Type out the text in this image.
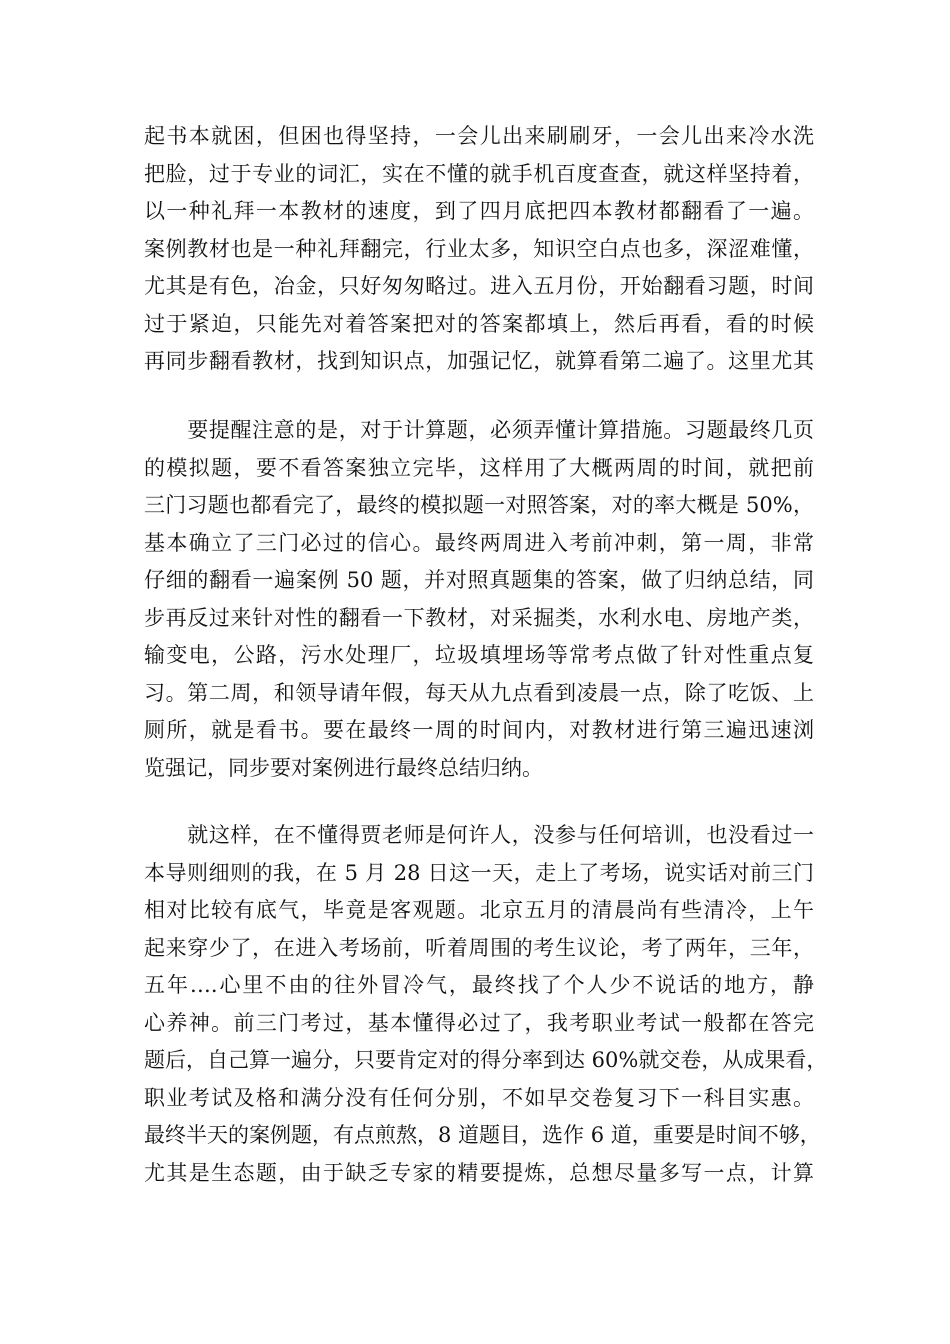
起书本就困，但困也得坚持，一会儿出来刷刷牙，一会儿出来冷水洗
把脸，过于专业的词汇，实在不懂的就手机百度查查，就这样坚持着，
以一种礼拜一本教材的速度，到了四月底把四本教材都翻看了一遍。
案例教材也是一种礼拜翻完，行业太多，知识空白点也多，深涩难懂，
尤其是有色，冶金，只好匆匆略过。进入五月份，开始翻看习题，时间
过于紧迫，只能先对着答案把对的答案都填上，然后再看，看的时候
再同步翻看教材，找到知识点，加强记忆，就算看第二遍了。这里尤其
　　要提醒注意的是，对于计算题，必须弄懂计算措施。习题最终几页
的模拟题，要不看答案独立完毕，这样用了大概两周的时间，就把前
三门习题也都看完了，最终的模拟题一对照答案，对的率大概是 50%，
基本确立了三门必过的信心。最终两周进入考前冲刺，第一周，非常
仔细的翻看一遍案例 50 题，并对照真题集的答案，做了归纳总结，同
步再反过来针对性的翻看一下教材，对采掘类，水利水电、房地产类，
输变电，公路，污水处理厂，垃圾填埋场等常考点做了针对性重点复
习。第二周，和领导请年假，每天从九点看到凌晨一点，除了吃饭、上
厕所，就是看书。要在最终一周的时间内，对教材进行第三遍迅速浏
览强记，同步要对案例进行最终总结归纳。
　　就这样，在不懂得贾老师是何许人，没参与任何培训，也没看过一
本导则细则的我，在 5 月 28 日这一天，走上了考场，说实话对前三门
相对比较有底气，毕竟是客观题。北京五月的清晨尚有些清冷，上午
起来穿少了，在进入考场前，听着周围的考生议论，考了两年，三年，
五年….心里不由的往外冒冷气，最终找了个人少不说话的地方，静
心养神。前三门考过，基本懂得必过了，我考职业考试一般都在答完
题后，自己算一遍分，只要肯定对的得分率到达 60%就交卷，从成果看，
职业考试及格和满分没有任何分别，不如早交卷复习下一科目实惠。
最终半天的案例题，有点煎熬，8 道题目，选作 6 道，重要是时间不够，
尤其是生态题，由于缺乏专家的精要提炼，总想尽量多写一点，计算
